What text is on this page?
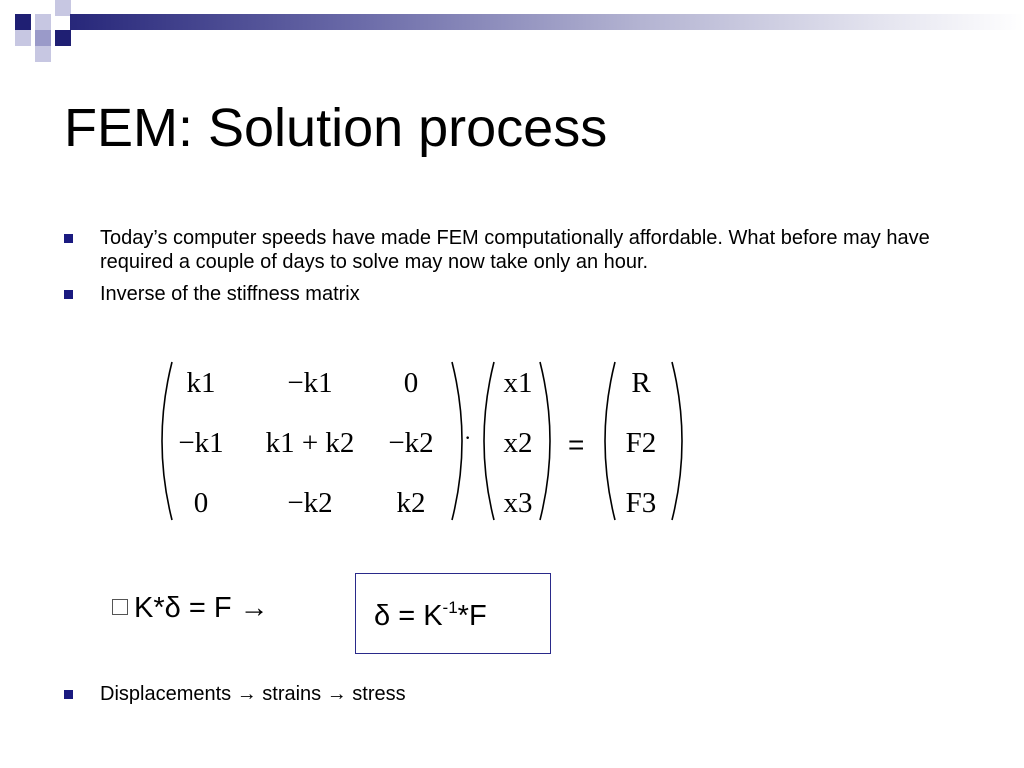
FEM: Solution process
Today’s computer speeds have made FEM computationally affordable. What before may have required a couple of days to solve may now take only an hour.
Inverse of the stiffness matrix
k1 −k1 0
−k1 k1 + k2 −k2
0	−k2 k2
·
x1
x2
x3
=
R
F2
F3
K*δ = F →	$\delta = K^{-1}*F$
Displacements → strains → stress
